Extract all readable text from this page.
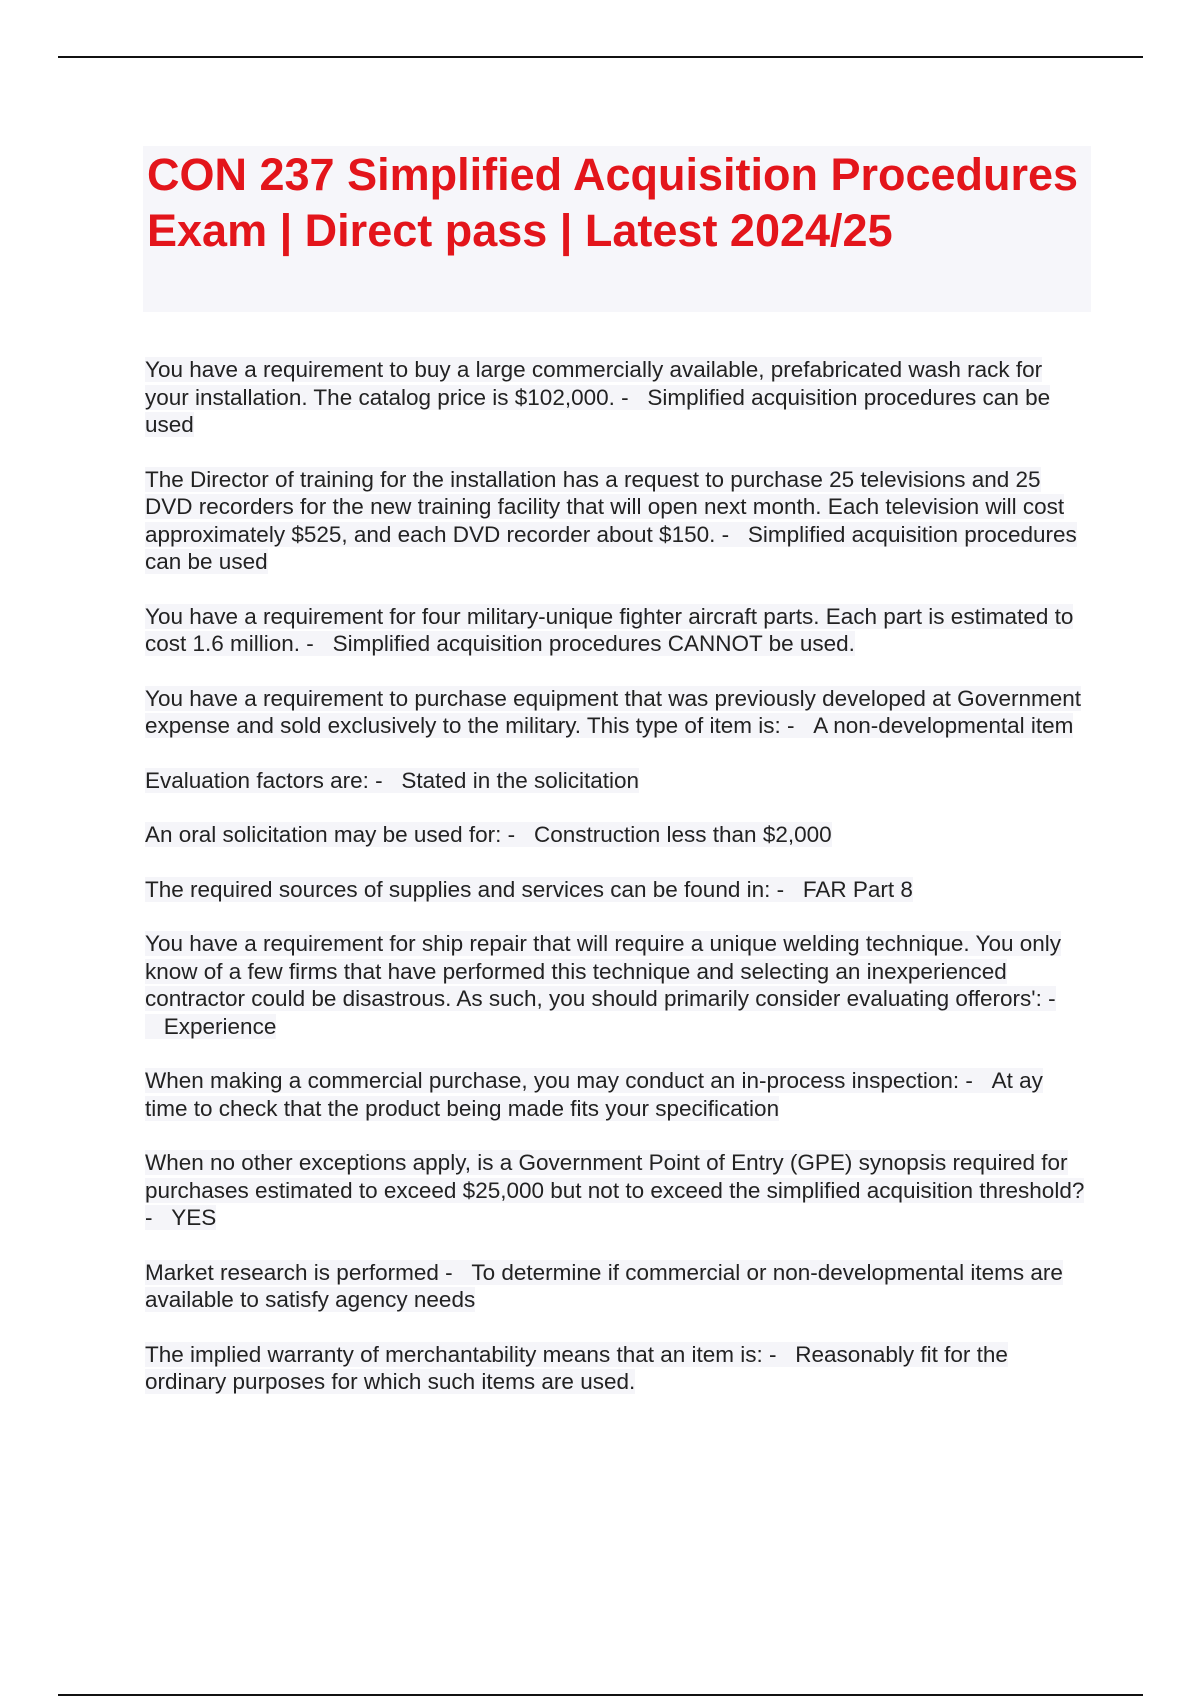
CON 237 Simplified Acquisition Procedures Exam | Direct pass | Latest 2024/25

You have a requirement to buy a large commercially available, prefabricated wash rack for your installation. The catalog price is $102,000. - Simplified acquisition procedures can be used

The Director of training for the installation has a request to purchase 25 televisions and 25 DVD recorders for the new training facility that will open next month. Each television will cost approximately $525, and each DVD recorder about $150. - Simplified acquisition procedures can be used

You have a requirement for four military-unique fighter aircraft parts. Each part is estimated to cost 1.6 million. - Simplified acquisition procedures CANNOT be used.

You have a requirement to purchase equipment that was previously developed at Government expense and sold exclusively to the military. This type of item is: - A non-developmental item

Evaluation factors are: - Stated in the solicitation

An oral solicitation may be used for: - Construction less than $2,000

The required sources of supplies and services can be found in: - FAR Part 8

You have a requirement for ship repair that will require a unique welding technique. You only know of a few firms that have performed this technique and selecting an inexperienced contractor could be disastrous. As such, you should primarily consider evaluating offerors': -   Experience

When making a commercial purchase, you may conduct an in-process inspection: - At ay time to check that the product being made fits your specification

When no other exceptions apply, is a Government Point of Entry (GPE) synopsis required for purchases estimated to exceed $25,000 but not to exceed the simplified acquisition threshold? - YES

Market research is performed - To determine if commercial or non-developmental items are available to satisfy agency needs

The implied warranty of merchantability means that an item is: - Reasonably fit for the ordinary purposes for which such items are used.
